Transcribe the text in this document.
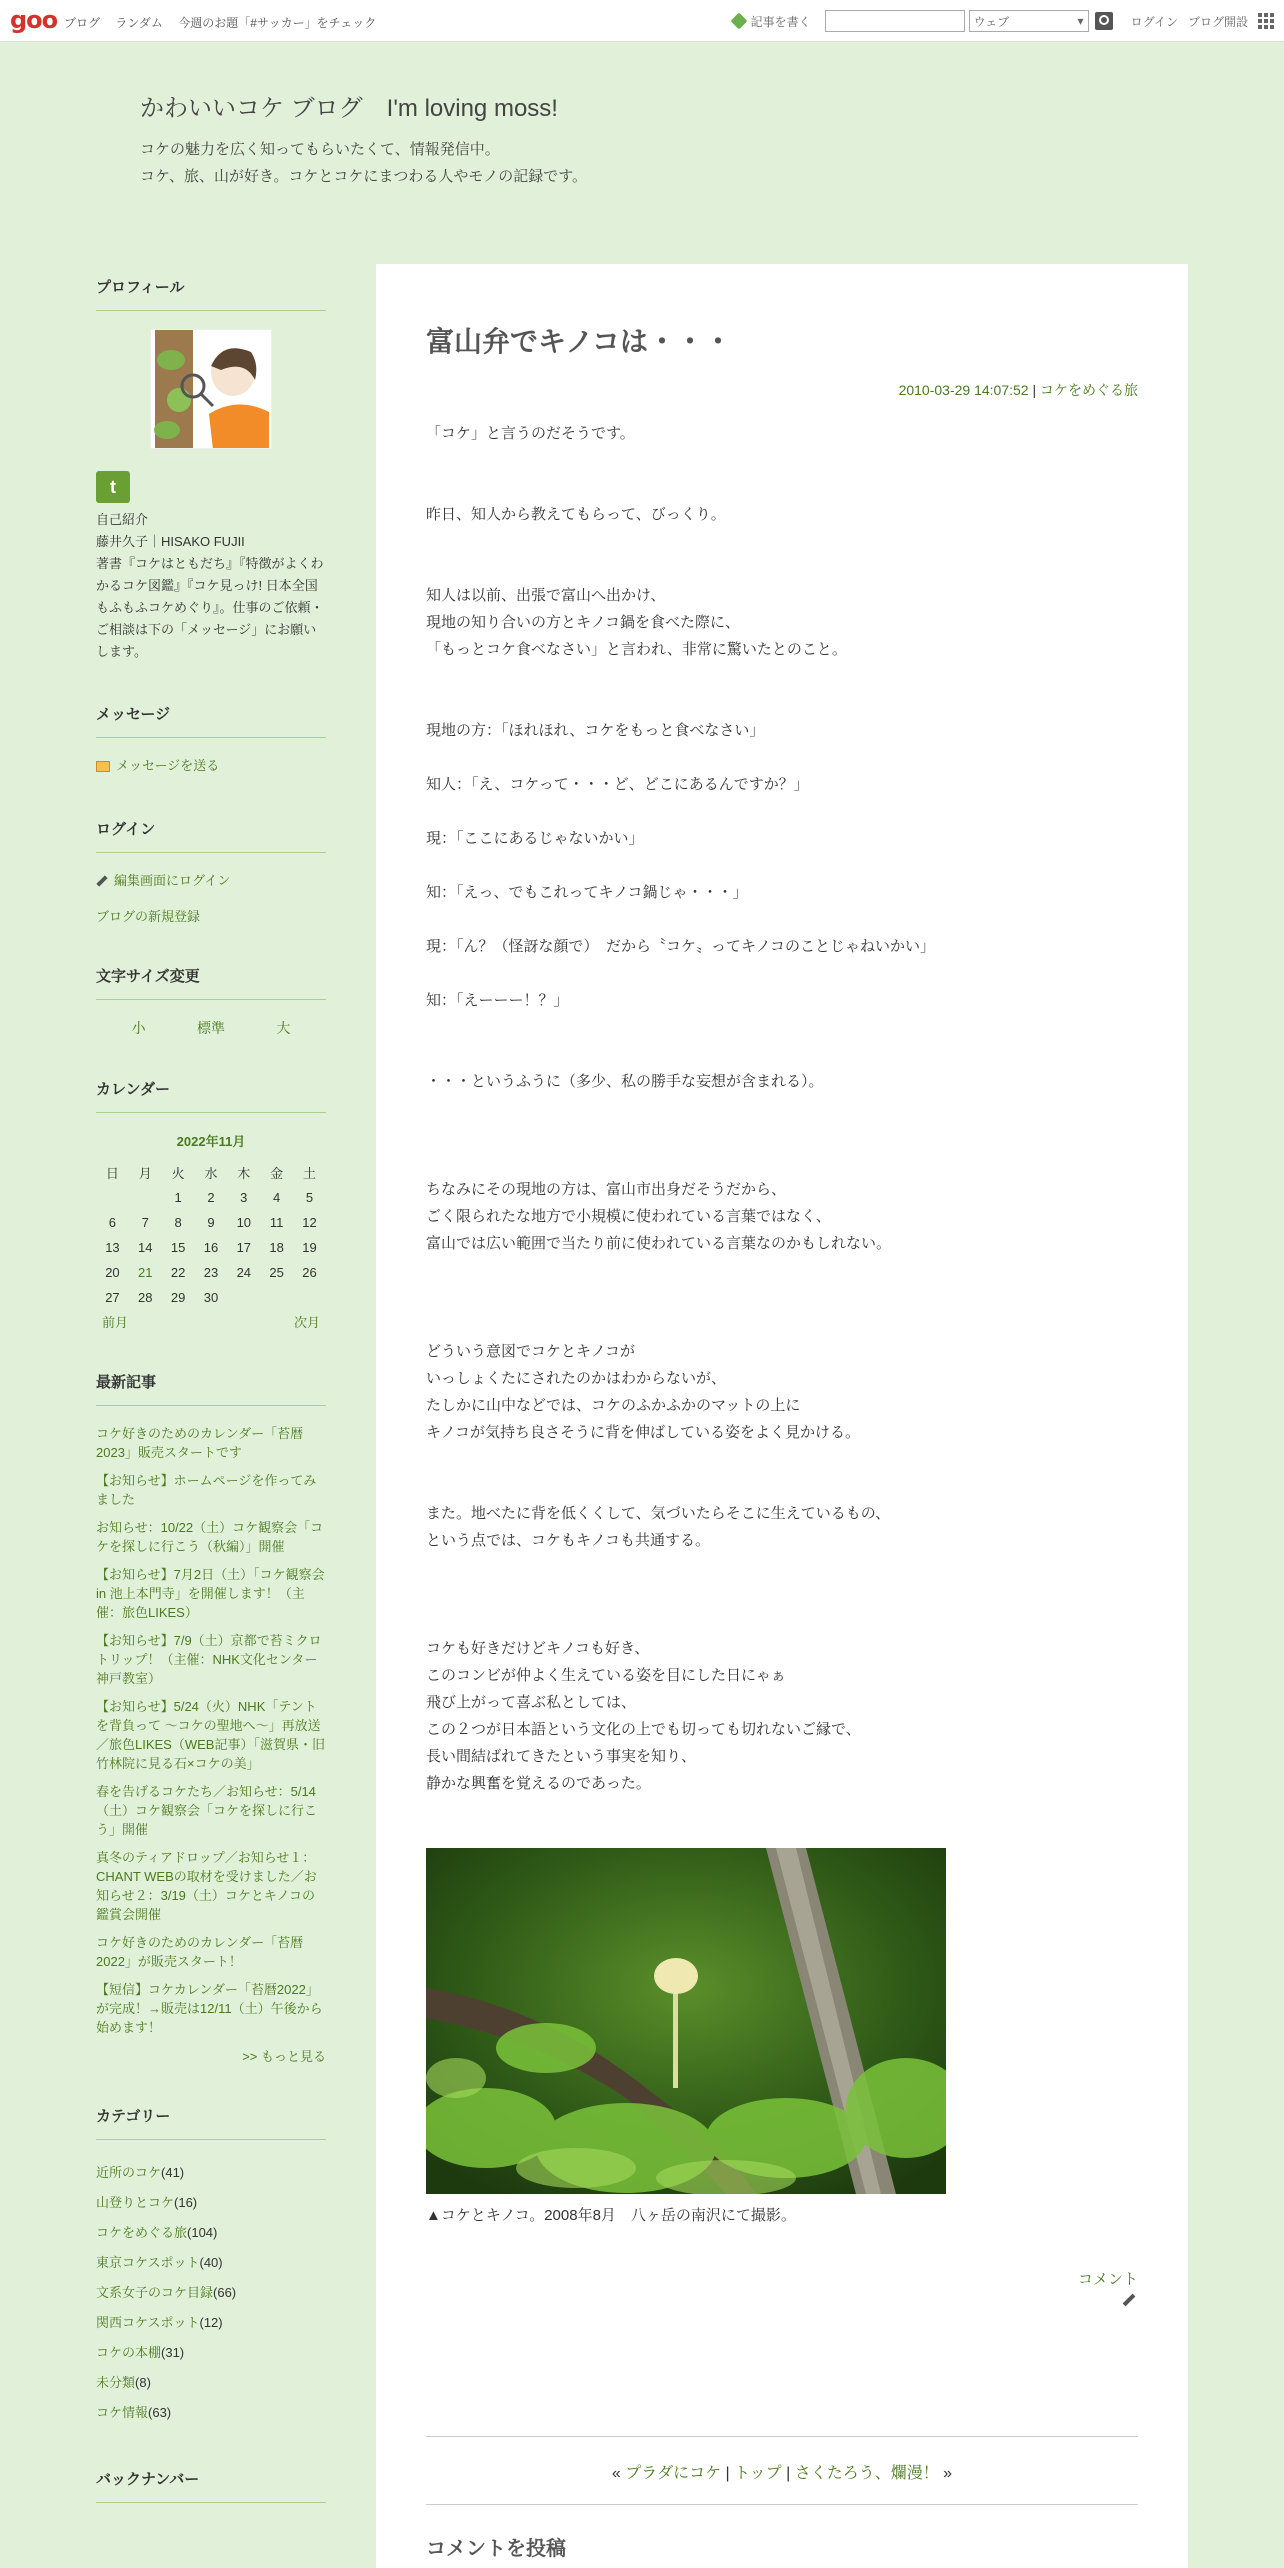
goo ブログ ランダム 今週のお題「#サッカー」をチェック	記事を書く	ウェブ	▾	ログイン ブログ開設
かわいいコケ ブログ　I'm loving moss!
コケの魅力を広く知ってもらいたくて、情報発信中。
コケ、旅、山が好き。コケとコケにまつわる人やモノの記録です。
プロフィール
t
自己紹介
藤井久子｜HISAKO FUJII
著書『コケはともだち』『特徴がよくわかるコケ図鑑』『コケ見っけ! 日本全国もふもふコケめぐり』。仕事のご依頼・ご相談は下の「メッセージ」にお願いします。
メッセージ
メッセージを送る
ログイン
編集画面にログイン
ブログの新規登録
文字サイズ変更
小	標準	大
カレンダー
2022年11月
日	月	火	水	木	金	土
		1	2	3	4	5
6	7	8	9	10	11	12
13	14	15	16	17	18	19
20	21	22	23	24	25	26
27	28	29	30			
前月	次月
最新記事
コケ好きのためのカレンダー「苔暦2023」販売スタートです
【お知らせ】ホームページを作ってみました
お知らせ：10/22（土）コケ観察会「コケを探しに行こう（秋編）」開催
【お知らせ】7月2日（土）「コケ観察会 in 池上本門寺」を開催します！（主催：旅色LIKES）
【お知らせ】7/9（土）京都で苔ミクロトリップ！（主催：NHK文化センター神戸教室）
【お知らせ】5/24（火）NHK「テントを背負って ～コケの聖地へ～」再放送／旅色LIKES（WEB記事）「滋賀県・旧竹林院に見る石×コケの美」
春を告げるコケたち／お知らせ：5/14（土）コケ観察会「コケを探しに行こう」開催
真冬のティアドロップ／お知らせ１：CHANT WEBの取材を受けました／お知らせ２：3/19（土）コケとキノコの鑑賞会開催
コケ好きのためのカレンダー「苔暦2022」が販売スタート！
【短信】コケカレンダー「苔暦2022」が完成！→販売は12/11（土）午後から始めます！
>> もっと見る
カテゴリー
近所のコケ(41)
山登りとコケ(16)
コケをめぐる旅(104)
東京コケスポット(40)
文系女子のコケ目録(66)
関西コケスポット(12)
コケの本棚(31)
未分類(8)
コケ情報(63)
バックナンバー
富山弁でキノコは・・・
2010-03-29 14:07:52 | コケをめぐる旅
「コケ」と言うのだそうです。
昨日、知人から教えてもらって、びっくり。
知人は以前、出張で富山へ出かけ、
現地の知り合いの方とキノコ鍋を食べた際に、
「もっとコケ食べなさい」と言われ、非常に驚いたとのこと。
現地の方：「ほれほれ、コケをもっと食べなさい」
知人：「え、コケって・・・ど、どこにあるんですか？」
現：「ここにあるじゃないかい」
知：「えっ、でもこれってキノコ鍋じゃ・・・」
現：「ん？（怪訝な顔で）　だから〝コケ〟ってキノコのことじゃねいかい」
知：「えーーー！？」
・・・というふうに（多少、私の勝手な妄想が含まれる）。
ちなみにその現地の方は、富山市出身だそうだから、
ごく限られたな地方で小規模に使われている言葉ではなく、
富山では広い範囲で当たり前に使われている言葉なのかもしれない。
どういう意図でコケとキノコが
いっしょくたにされたのかはわからないが、
たしかに山中などでは、コケのふかふかのマットの上に
キノコが気持ち良さそうに背を伸ばしている姿をよく見かける。
また。地べたに背を低くくして、気づいたらそこに生えているもの、
という点では、コケもキノコも共通する。
コケも好きだけどキノコも好き、
このコンビが仲よく生えている姿を目にした日にゃぁ
飛び上がって喜ぶ私としては、
この２つが日本語という文化の上でも切っても切れないご縁で、
長い間結ばれてきたという事実を知り、
静かな興奮を覚えるのであった。
▲コケとキノコ。2008年8月　八ヶ岳の南沢にて撮影。
コメント
« プラダにコケ | トップ | さくたろう、爛漫！ »
コメントを投稿
